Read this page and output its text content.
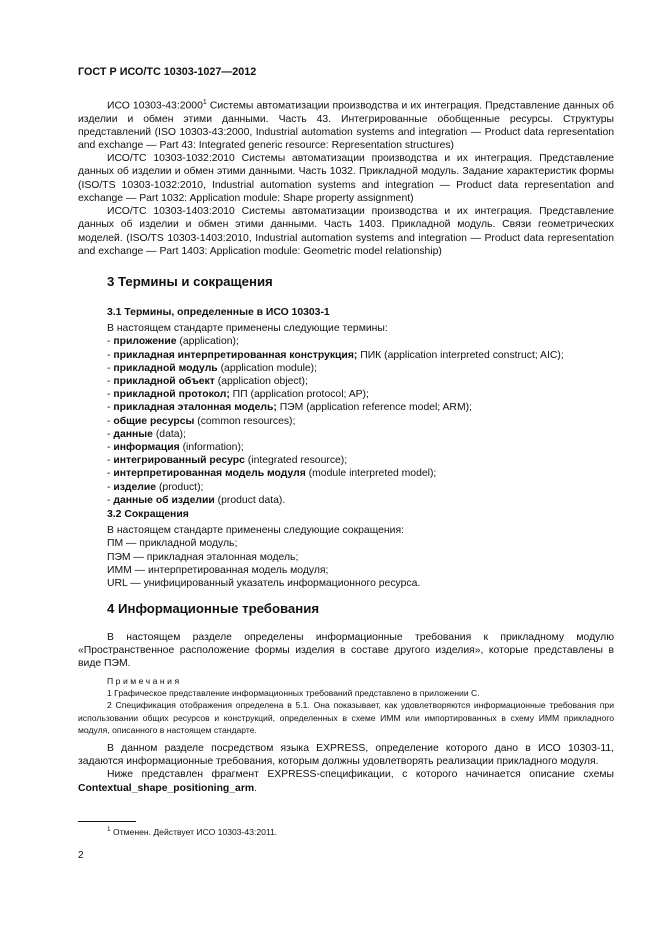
ГОСТ Р ИСО/ТС 10303-1027—2012

ИСО 10303-43:2000$^1$ Системы автоматизации производства и их интеграция. Представление данных об изделии и обмен этими данными. Часть 43. Интегрированные обобщенные ресурсы. Структуры представлений (ISO 10303-43:2000, Industrial automation systems and integration — Product data representation and exchange — Part 43: Integrated generic resource: Representation structures)

ИСО/ТС 10303-1032:2010 Системы автоматизации производства и их интеграция. Представление данных об изделии и обмен этими данными. Часть 1032. Прикладной модуль. Задание характеристик формы (ISO/TS 10303-1032:2010, Industrial automation systems and integration — Product data representation and exchange — Part 1032: Application module: Shape property assignment)

ИСО/ТС 10303-1403:2010 Системы автоматизации производства и их интеграция. Представление данных об изделии и обмен этими данными. Часть 1403. Прикладной модуль. Связи геометрических моделей. (ISO/TS 10303-1403:2010, Industrial automation systems and integration — Product data representation and exchange — Part 1403: Application module: Geometric model relationship)

3 Термины и сокращения
3.1 Термины, определенные в ИСО 10303-1
В настоящем стандарте применены следующие термины:
- приложение (application);
- прикладная интерпретированная конструкция; ПИК (application interpreted construct; AIC);
- прикладной модуль (application module);
- прикладной объект (application object);
- прикладной протокол; ПП (application protocol; AP);
- прикладная эталонная модель; ПЭМ (application reference model; ARM);
- общие ресурсы (common resources);
- данные (data);
- информация (information);
- интегрированный ресурс (integrated resource);
- интерпретированная модель модуля (module interpreted model);
- изделие (product);
- данные об изделии (product data).
3.2 Сокращения
В настоящем стандарте применены следующие сокращения:
ПМ — прикладной модуль;
ПЭМ — прикладная эталонная модель;
ИММ — интерпретированная модель модуля;
URL — унифицированный указатель информационного ресурса.
4 Информационные требования

В настоящем разделе определены информационные требования к прикладному модулю «Пространственное расположение формы изделия в составе другого изделия», которые представлены в виде ПЭМ.

Примечания

1 Графическое представление информационных требований представлено в приложении С.

2 Спецификация отображения определена в 5.1. Она показывает, как удовлетворяются информационные требования при использовании общих ресурсов и конструкций, определенных в схеме ИММ или импортированных в схему ИММ прикладного модуля, описанного в настоящем стандарте.

В данном разделе посредством языка EXPRESS, определение которого дано в ИСО 10303-11, задаются информационные требования, которым должны удовлетворять реализации прикладного модуля.

Ниже представлен фрагмент EXPRESS-спецификации, с которого начинается описание схемы Contextual_shape_positioning_arm.

$^1$ Отменен. Действует ИСО 10303-43:2011.
2
